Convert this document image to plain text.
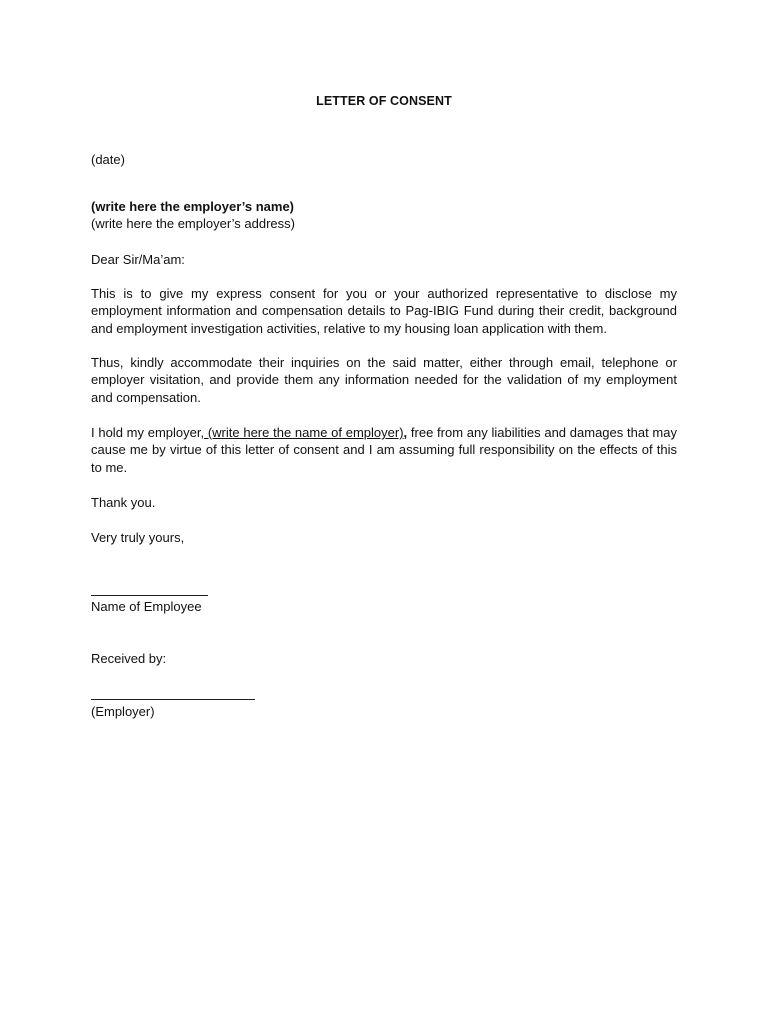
LETTER OF CONSENT
(date)
(write here the employer’s name)
(write here the employer’s address)
Dear Sir/Ma’am:
This is to give my express consent for you or your authorized representative to disclose my employment information and compensation details to Pag-IBIG Fund during their credit, background and employment investigation activities, relative to my housing loan application with them.
Thus, kindly accommodate their inquiries on the said matter, either through email, telephone or employer visitation, and provide them any information needed for the validation of my employment and compensation.
I hold my employer, (write here the name of employer), free from any liabilities and damages that may cause me by virtue of this letter of consent and I am assuming full responsibility on the effects of this to me.
Thank you.
Very truly yours,
Name of Employee
Received by:
(Employer)
